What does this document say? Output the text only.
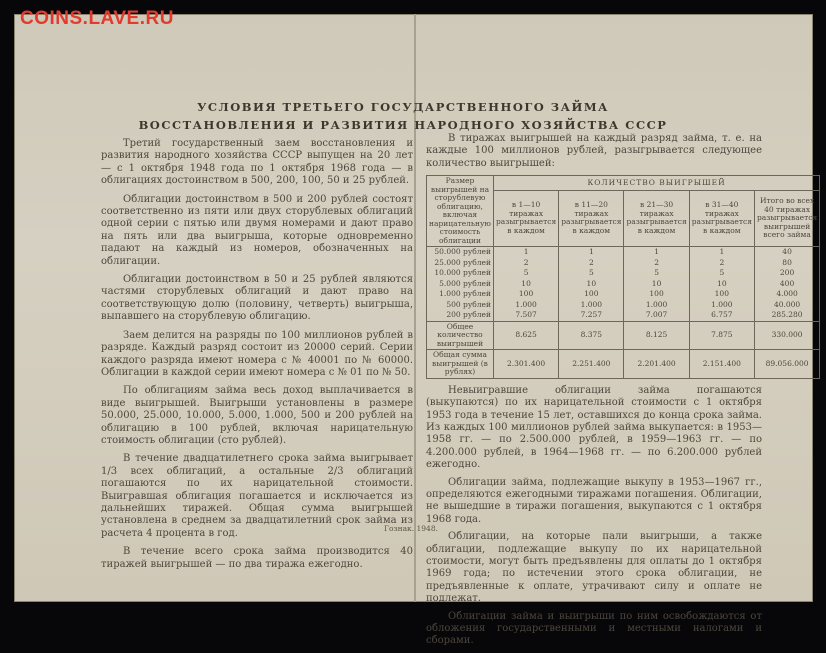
COINS.LAVE.RU
УСЛОВИЯ ТРЕТЬЕГО ГОСУДАРСТВЕННОГО ЗАЙМА
ВОССТАНОВЛЕНИЯ И РАЗВИТИЯ НАРОДНОГО ХОЗЯЙСТВА СССР

Третий государственный заем восстановления и развития народного хозяйства СССР выпущен на 20 лет — с 1 октября 1948 года по 1 октября 1968 года — в облигациях достоинством в 500, 200, 100, 50 и 25 рублей.

Облигации достоинством в 500 и 200 рублей состоят соответственно из пяти или двух сторублевых облигаций одной серии с пятью или двумя номерами и дают право на пять или два выигрыша, которые одновременно падают на каждый из номеров, обозначенных на облигации.

Облигации достоинством в 50 и 25 рублей являются частями сторублевых облигаций и дают право на соответствующую долю (половину, четверть) выигрыша, выпавшего на сторублевую облигацию.

Заем делится на разряды по 100 миллионов рублей в разряде. Каждый разряд состоит из 20000 серий. Серии каждого разряда имеют номера с № 40001 по № 60000. Облигации в каждой серии имеют номера с № 01 по № 50.

По облигациям займа весь доход выплачивается в виде выигрышей. Выигрыши установлены в размере 50.000, 25.000, 10.000, 5.000, 1.000, 500 и 200 рублей на облигацию в 100 рублей, включая нарицательную стоимость облигации (сто рублей).

В течение двадцатилетнего срока займа выигрывает 1/3 всех облигаций, а остальные 2/3 облигаций погашаются по их нарицательной стоимости. Выигравшая облигация погашается и исключается из дальнейших тиражей. Общая сумма выигрышей установлена в среднем за двадцатилетний срок займа из расчета 4 процента в год.

В течение всего срока займа производится 40 тиражей выигрышей — по два тиража ежегодно.

В тиражах выигрышей на каждый разряд займа, т. е. на каждые 100 миллионов рублей, разыгрывается следующее количество выигрышей:

Размер выигрышей на сторублевую облигацию, включая нарицательную стоимость облигации	КОЛИЧЕСТВО ВЫИГРЫШЕЙ				
	в 1—10 тиражах разыгрывается в каждом	в 11—20 тиражах разыгрывается в каждом	в 21—30 тиражах разыгрывается в каждом	в 31—40 тиражах разыгрывается в каждом	Итого во всех 40 тиражах разыгрывается выигрышей всего займа
50.000 рублей	1	1	1	1	40
25.000 рублей	2	2	2	2	80
10.000 рублей	5	5	5	5	200
5.000 рублей	10	10	10	10	400
1.000 рублей	100	100	100	100	4.000
500 рублей	1.000	1.000	1.000	1.000	40.000
200 рублей	7.507	7.257	7.007	6.757	285.280
Общее количество выигрышей	8.625	8.375	8.125	7.875	330.000
Общая сумма выигрышей (в рублях)	2.301.400	2.251.400	2.201.400	2.151.400	89.056.000

Невыигравшие облигации займа погашаются (выкупаются) по их нарицательной стоимости с 1 октября 1953 года в течение 15 лет, оставшихся до конца срока займа. Из каждых 100 миллионов рублей займа выкупается: в 1953—1958 гг. — по 2.500.000 рублей, в 1959—1963 гг. — по 4.200.000 рублей, в 1964—1968 гг. — по 6.200.000 рублей ежегодно.

Облигации займа, подлежащие выкупу в 1953—1967 гг., определяются ежегодными тиражами погашения. Облигации, не вышедшие в тиражи погашения, выкупаются с 1 октября 1968 года.

Облигации, на которые пали выигрыши, а также облигации, подлежащие выкупу по их нарицательной стоимости, могут быть предъявлены для оплаты до 1 октября 1969 года; по истечении этого срока облигации, не предъявленные к оплате, утрачивают силу и оплате не подлежат.

Облигации займа и выигрыши по ним освобождаются от обложения государственными и местными налогами и сборами.

Гознак. 1948.
